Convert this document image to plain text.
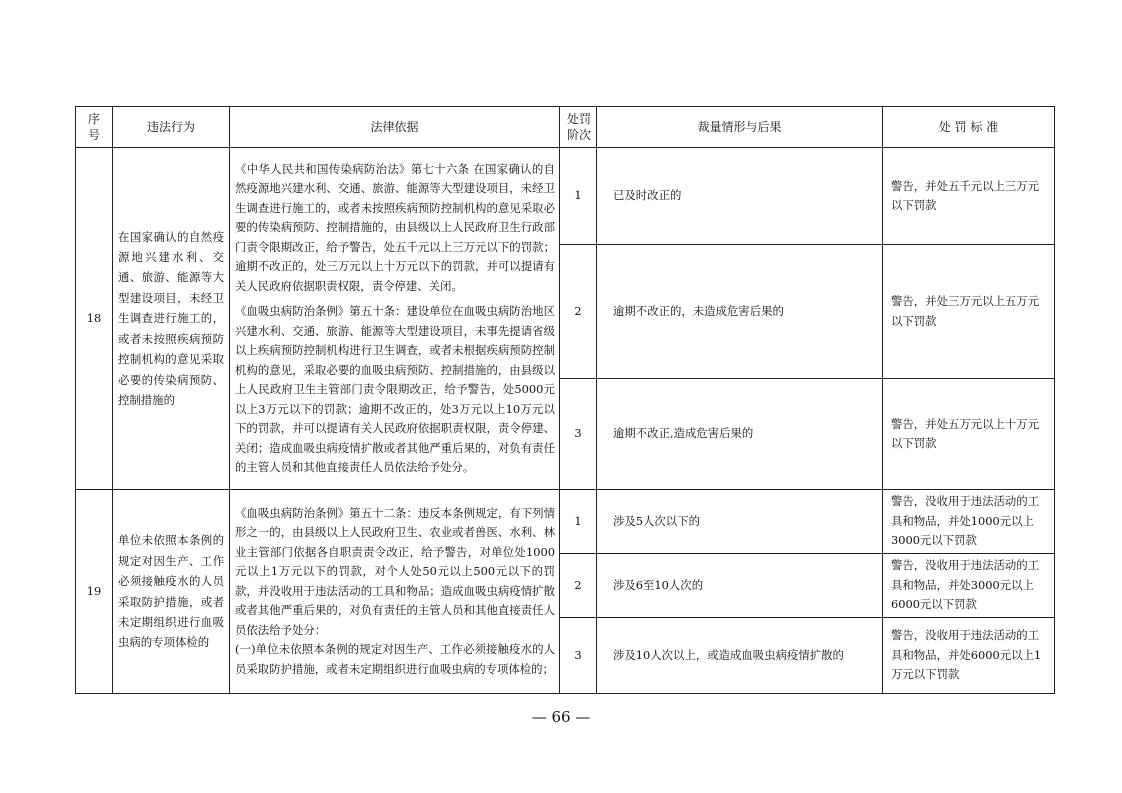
序号	违法行为	法律依据	处罚阶次	裁量情形与后果	处 罚 标 准
18	在国家确认的自然疫源地兴建水利、交通、旅游、能源等大型建设项目，未经卫生调查进行施工的，或者未按照疾病预防控制机构的意见采取必要的传染病预防、控制措施的	《中华人民共和国传染病防治法》第七十六条 在国家确认的自然疫源地兴建水利、交通、旅游、能源等大型建设项目，未经卫生调查进行施工的，或者未按照疾病预防控制机构的意见采取必要的传染病预防、控制措施的，由县级以上人民政府卫生行政部门责令限期改正，给予警告，处五千元以上三万元以下的罚款；逾期不改正的，处三万元以上十万元以下的罚款，并可以提请有关人民政府依据职责权限，责令停建、关闭。
《血吸虫病防治条例》第五十条：建设单位在血吸虫病防治地区兴建水利、交通、旅游、能源等大型建设项目，未事先提请省级以上疾病预防控制机构进行卫生调查，或者未根据疾病预防控制机构的意见，采取必要的血吸虫病预防、控制措施的，由县级以上人民政府卫生主管部门责令限期改正，给予警告，处5000元以上3万元以下的罚款；逾期不改正的，处3万元以上10万元以下的罚款，并可以提请有关人民政府依据职责权限，责令停建、关闭；造成血吸虫病疫情扩散或者其他严重后果的，对负有责任的主管人员和其他直接责任人员依法给予处分。	1	已及时改正的	警告，并处五千元以上三万元以下罚款
			2	逾期不改正的，未造成危害后果的	警告，并处三万元以上五万元以下罚款
			3	逾期不改正,造成危害后果的	警告，并处五万元以上十万元以下罚款
19	单位未依照本条例的规定对因生产、工作必须接触疫水的人员采取防护措施，或者未定期组织进行血吸虫病的专项体检的	《血吸虫病防治条例》第五十二条：违反本条例规定，有下列情形之一的，由县级以上人民政府卫生、农业或者兽医、水利、林业主管部门依据各自职责责令改正，给予警告，对单位处1000元以上1万元以下的罚款，对个人处50元以上500元以下的罚款，并没收用于违法活动的工具和物品；造成血吸虫病疫情扩散或者其他严重后果的，对负有责任的主管人员和其他直接责任人员依法给予处分：
(一)单位未依照本条例的规定对因生产、工作必须接触疫水的人员采取防护措施，或者未定期组织进行血吸虫病的专项体检的；	1	涉及5人次以下的	警告，没收用于违法活动的工具和物品，并处1000元以上3000元以下罚款
			2	涉及6至10人次的	警告，没收用于违法活动的工具和物品，并处3000元以上6000元以下罚款
			3	涉及10人次以上，或造成血吸虫病疫情扩散的	警告，没收用于违法活动的工具和物品，并处6000元以上1万元以下罚款
— 66 —
